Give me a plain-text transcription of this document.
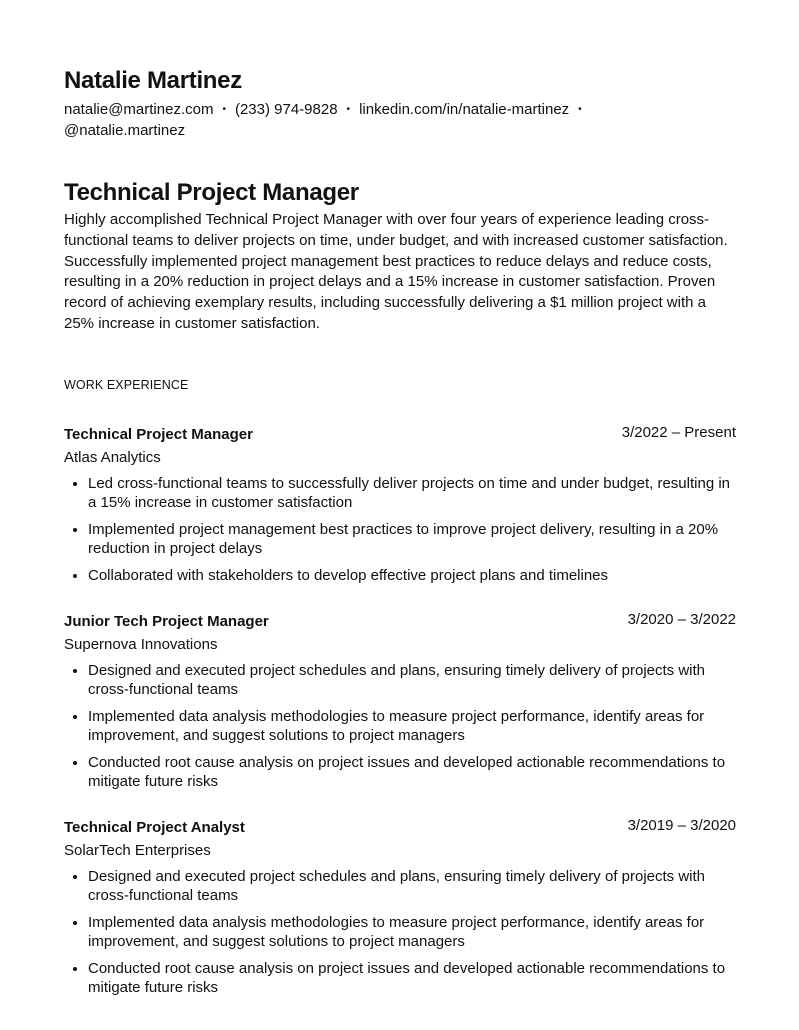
Natalie Martinez
natalie@martinez.com • (233) 974-9828 • linkedin.com/in/natalie-martinez •@natalie.martinez
Technical Project Manager
Highly accomplished Technical Project Manager with over four years of experience leading cross-functional teams to deliver projects on time, under budget, and with increased customer satisfaction. Successfully implemented project management best practices to reduce delays and reduce costs, resulting in a 20% reduction in project delays and a 15% increase in customer satisfaction. Proven record of achieving exemplary results, including successfully delivering a $1 million project with a 25% increase in customer satisfaction.
WORK EXPERIENCE
Technical Project Manager	3/2022 – Present
Atlas Analytics
• Led cross-functional teams to successfully deliver projects on time and under budget, resulting in a 15% increase in customer satisfaction
• Implemented project management best practices to improve project delivery, resulting in a 20% reduction in project delays
• Collaborated with stakeholders to develop effective project plans and timelines
Junior Tech Project Manager	3/2020 – 3/2022
Supernova Innovations
• Designed and executed project schedules and plans, ensuring timely delivery of projects with cross-functional teams
• Implemented data analysis methodologies to measure project performance, identify areas for improvement, and suggest solutions to project managers
• Conducted root cause analysis on project issues and developed actionable recommendations to mitigate future risks
Technical Project Analyst	3/2019 – 3/2020
SolarTech Enterprises
• Designed and executed project schedules and plans, ensuring timely delivery of projects with cross-functional teams
• Implemented data analysis methodologies to measure project performance, identify areas for improvement, and suggest solutions to project managers
• Conducted root cause analysis on project issues and developed actionable recommendations to mitigate future risks
